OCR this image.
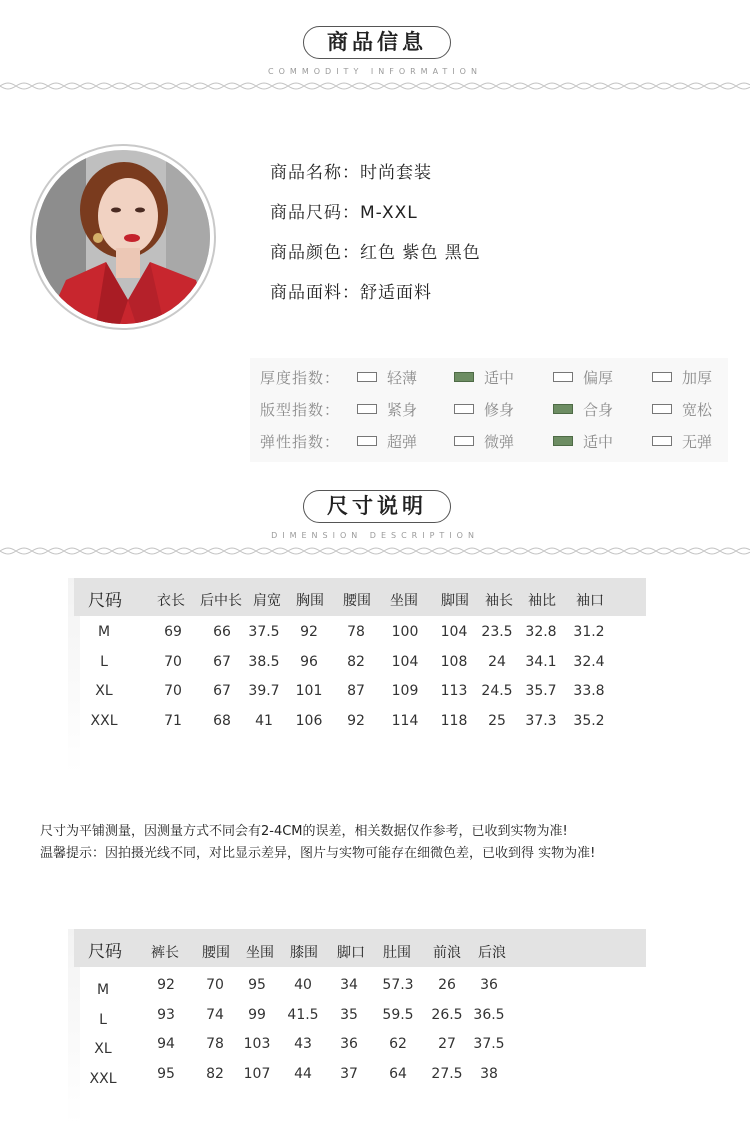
商品信息
COMMODITY INFORMATION
商品名称：时尚套装
商品尺码：M-XXL
商品颜色：红色 紫色 黑色
商品面料：舒适面料
厚度指数：	轻薄	适中	偏厚	加厚
版型指数：	紧身	修身	合身	宽松
弹性指数：	超弹	微弹	适中	无弹
尺寸说明
DIMENSION DESCRIPTION
尺码	衣长 后中长 肩宽 胸围 腰围 坐围 脚围 袖长 袖比 袖口
M	69 66 37.5 92 78 100 104 23.5 32.8 31.2
L	70 67 38.5 96 82 104 108 24 34.1 32.4
XL	70 67 39.7 101 87 109 113 24.5 35.7 33.8
XXL	71 68 41 106 92 114 118 25 37.3 35.2
尺寸为平铺测量，因测量方式不同会有2-4CM的误差，相关数据仅作参考，已收到实物为准!
温馨提示：因拍摄光线不同，对比显示差异，图片与实物可能存在细微色差，已收到得 实物为准!
尺码 裤长 腰围 坐围 膝围 脚口 肚围 前浪 后浪
M	92 70 95 40 34 57.3 26 36
L	93 74 99 41.5 35 59.5 26.5 36.5
XL	94 78 103 43 36 62 27 37.5
XXL	95 82 107 44 37 64 27.5 38
